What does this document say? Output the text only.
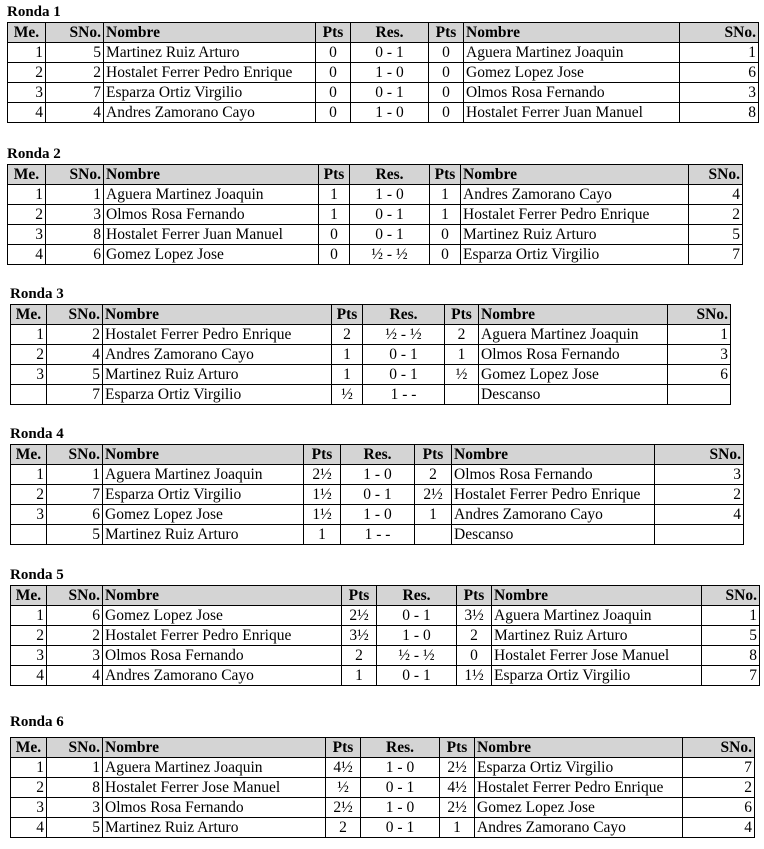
Ronda 1
Me.	SNo.	Nombre	Pts	Res.	Pts	Nombre	SNo.
1	5	Martinez Ruiz Arturo	0	0 - 1	0	Aguera Martinez Joaquin	1
2	2	Hostalet Ferrer Pedro Enrique	0	1 - 0	0	Gomez Lopez Jose	6
3	7	Esparza Ortiz Virgilio	0	0 - 1	0	Olmos Rosa Fernando	3
4	4	Andres Zamorano Cayo	0	1 - 0	0	Hostalet Ferrer Juan Manuel	8
Ronda 2
Me.	SNo.	Nombre	Pts	Res.	Pts	Nombre	SNo.
1	1	Aguera Martinez Joaquin	1	1 - 0	1	Andres Zamorano Cayo	4
2	3	Olmos Rosa Fernando	1	0 - 1	1	Hostalet Ferrer Pedro Enrique	2
3	8	Hostalet Ferrer Juan Manuel	0	0 - 1	0	Martinez Ruiz Arturo	5
4	6	Gomez Lopez Jose	0	½ - ½	0	Esparza Ortiz Virgilio	7
Ronda 3
Me.	SNo.	Nombre	Pts	Res.	Pts	Nombre	SNo.
1	2	Hostalet Ferrer Pedro Enrique	2	½ - ½	2	Aguera Martinez Joaquin	1
2	4	Andres Zamorano Cayo	1	0 - 1	1	Olmos Rosa Fernando	3
3	5	Martinez Ruiz Arturo	1	0 - 1	½	Gomez Lopez Jose	6
	7	Esparza Ortiz Virgilio	½	1 - -		Descanso	
Ronda 4
Me.	SNo.	Nombre	Pts	Res.	Pts	Nombre	SNo.
1	1	Aguera Martinez Joaquin	2½	1 - 0	2	Olmos Rosa Fernando	3
2	7	Esparza Ortiz Virgilio	1½	0 - 1	2½	Hostalet Ferrer Pedro Enrique	2
3	6	Gomez Lopez Jose	1½	1 - 0	1	Andres Zamorano Cayo	4
	5	Martinez Ruiz Arturo	1	1 - -		Descanso	
Ronda 5
Me.	SNo.	Nombre	Pts	Res.	Pts	Nombre	SNo.
1	6	Gomez Lopez Jose	2½	0 - 1	3½	Aguera Martinez Joaquin	1
2	2	Hostalet Ferrer Pedro Enrique	3½	1 - 0	2	Martinez Ruiz Arturo	5
3	3	Olmos Rosa Fernando	2	½ - ½	0	Hostalet Ferrer Jose Manuel	8
4	4	Andres Zamorano Cayo	1	0 - 1	1½	Esparza Ortiz Virgilio	7
Ronda 6
Me.	SNo.	Nombre	Pts	Res.	Pts	Nombre	SNo.
1	1	Aguera Martinez Joaquin	4½	1 - 0	2½	Esparza Ortiz Virgilio	7
2	8	Hostalet Ferrer Jose Manuel	½	0 - 1	4½	Hostalet Ferrer Pedro Enrique	2
3	3	Olmos Rosa Fernando	2½	1 - 0	2½	Gomez Lopez Jose	6
4	5	Martinez Ruiz Arturo	2	0 - 1	1	Andres Zamorano Cayo	4
